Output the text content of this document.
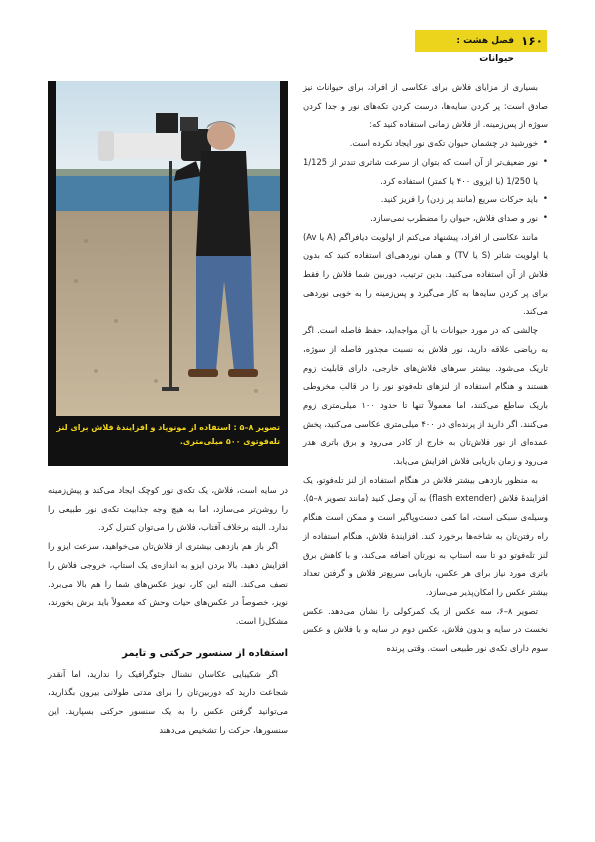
۱۶۰
فصل هشت : حیوانات

بسیاری از مزایای فلاش برای عکاسی از افراد، برای حیوانات نیز صادق است: پر کردن سایه‌ها، درست کردن تکه‌های نور و جدا کردن سوژه از پس‌زمینه. از فلاش زمانی استفاده کنید که:

•
خورشید در چشمان حیوان تکه‌ی نور ایجاد نکرده است.
•
نور ضعیف‌تر از آن است که بتوان از سرعت شاتری تندتر از 1/125 یا 1/250 (با ایزوی ۴۰۰ یا کمتر) استفاده کرد.
•
باید حرکات سریع (مانند پر زدن) را فریز کنید.
•
نور و صدای فلاش، حیوان را مضطرب نمی‌سازد.

مانند عکاسی از افراد، پیشنهاد می‌کنم از اولویت دیافراگم (A یا Av) یا اولویت شاتر (S یا TV) و همان نوردهی‌ای استفاده کنید که بدون فلاش از آن استفاده می‌کنید. بدین ترتیب، دوربین شما فلاش را فقط برای پر کردن سایه‌ها به کار می‌گیرد و پس‌زمینه را به خوبی نوردهی می‌کند.

چالشی که در مورد حیوانات با آن مواجه‌اید، حفظ فاصله است. اگر به ریاضی علاقه دارید، نور فلاش به نسبت مجذور فاصله از سوژه، تاریک می‌شود. بیشتر سرهای فلاش‌های خارجی، دارای قابلیت زوم هستند و هنگام استفاده از لنزهای تله‌فوتو نور را در قالب مخروطی باریک ساطع می‌کنند، اما معمولاً تنها تا حدود ۱۰۰ میلی‌متری زوم می‌کنند. اگر دارید از پرنده‌ای در ۴۰۰ میلی‌متری عکاسی می‌کنید، پخش عمده‌ای از نور فلاش‌تان به خارج از کادر می‌رود و برق باتری هدر می‌رود و زمان بازیابی فلاش افزایش می‌یابد.

به منظور بازدهی بیشتر فلاش در هنگام استفاده از لنز تله‌فوتو، یک افزایندهٔ فلاش (flash extender) به آن وصل کنید (مانند تصویر ۸–۵). وسیله‌ی سبکی است، اما کمی دست‌وپاگیر است و ممکن است هنگام راه رفتن‌تان به شاخه‌ها برخورد کند. افزایندهٔ فلاش، هنگام استفاده از لنز تله‌فوتو دو تا سه استاپ به نورتان اضافه می‌کند، و با کاهش برق باتری مورد نیاز برای هر عکس، بازیابی سریع‌تر فلاش و گرفتن تعداد بیشتر عکس را امکان‌پذیر می‌سازد.

تصویر ۸–۶، سه عکس از یک کمرکولی را نشان می‌دهد. عکس نخست در سایه و بدون فلاش، عکس دوم در سایه و با فلاش و عکس سوم دارای تکه‌ی نور طبیعی است. وقتی پرنده

تصویر ۸–۵ : استفاده از مونوپاد و افزایندهٔ فلاش برای لنز تله‌فوتوی ۵۰۰ میلی‌متری.

در سایه است، فلاش، یک تکه‌ی نور کوچک ایجاد می‌کند و پیش‌زمینه را روشن‌تر می‌سازد، اما به هیچ وجه جذابیت تکه‌ی نور طبیعی را ندارد. البته برخلاف آفتاب، فلاش را می‌توان کنترل کرد.

اگر باز هم بازدهی بیشتری از فلاش‌تان می‌خواهید، سرعت ایزو را افزایش دهید. بالا بردن ایزو به اندازه‌ی یک استاپ، خروجی فلاش را نصف می‌کند. البته این کار، نویز عکس‌های شما را هم بالا می‌برد. نویز، خصوصاً در عکس‌های حیات وحش که معمولاً باید برش بخورند، مشکل‌زا است.

استفاده از سنسور حرکتی و تایمر

اگر شکیبایی عکاسان نشنال جئوگرافیک را ندارید، اما آنقدر شجاعت دارید که دوربین‌تان را برای مدتی طولانی بیرون بگذارید، می‌توانید گرفتن عکس را به یک سنسور حرکتی بسپارید. این سنسورها، حرکت را تشخیص می‌دهند
